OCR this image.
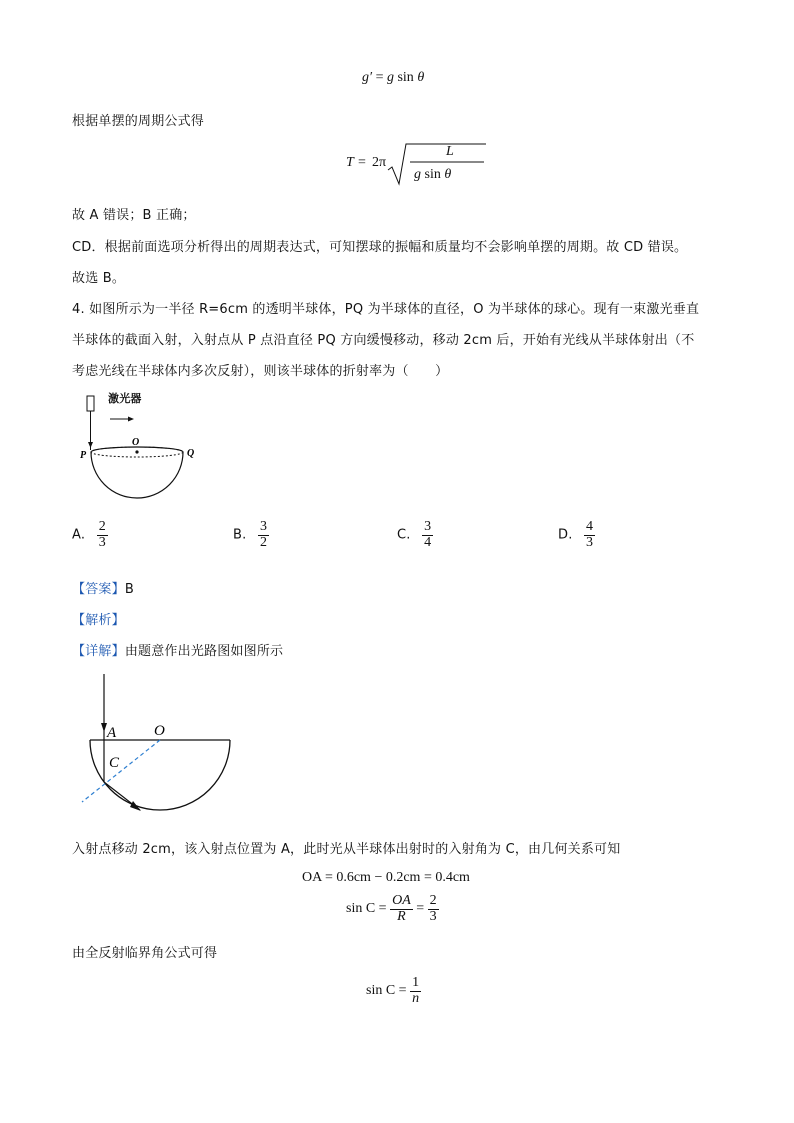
g′ = g sin θ
根据单摆的周期公式得
T = 2π
L
g sin θ
故 A 错误；B 正确；
CD．根据前面选项分析得出的周期表达式，可知摆球的振幅和质量均不会影响单摆的周期。故 CD 错误。
故选 B。
4. 如图所示为一半径 R=6cm 的透明半球体，PQ 为半球体的直径，O 为半球体的球心。现有一束激光垂直
半球体的截面入射，入射点从 P 点沿直径 PQ 方向缓慢移动，移动 2cm 后，开始有光线从半球体射出（不
考虑光线在半球体内多次反射），则该半球体的折射率为（　　）
O
P	Q
激光器
A. $\frac{2}{3}$	B. $\frac{3}{2}$	C. $\frac{3}{4}$	D. $\frac{4}{3}$
【答案】B
【解析】
【详解】由题意作出光路图如图所示
A	O
C
入射点移动 2cm，该入射点位置为 A，此时光从半球体出射时的入射角为 C，由几何关系可知
OA = 0.6cm − 0.2cm = 0.4cm
$\sin C = \frac{OA}{R} = \frac{2}{3}$
由全反射临界角公式可得
$\sin C = \frac{1}{n}$
